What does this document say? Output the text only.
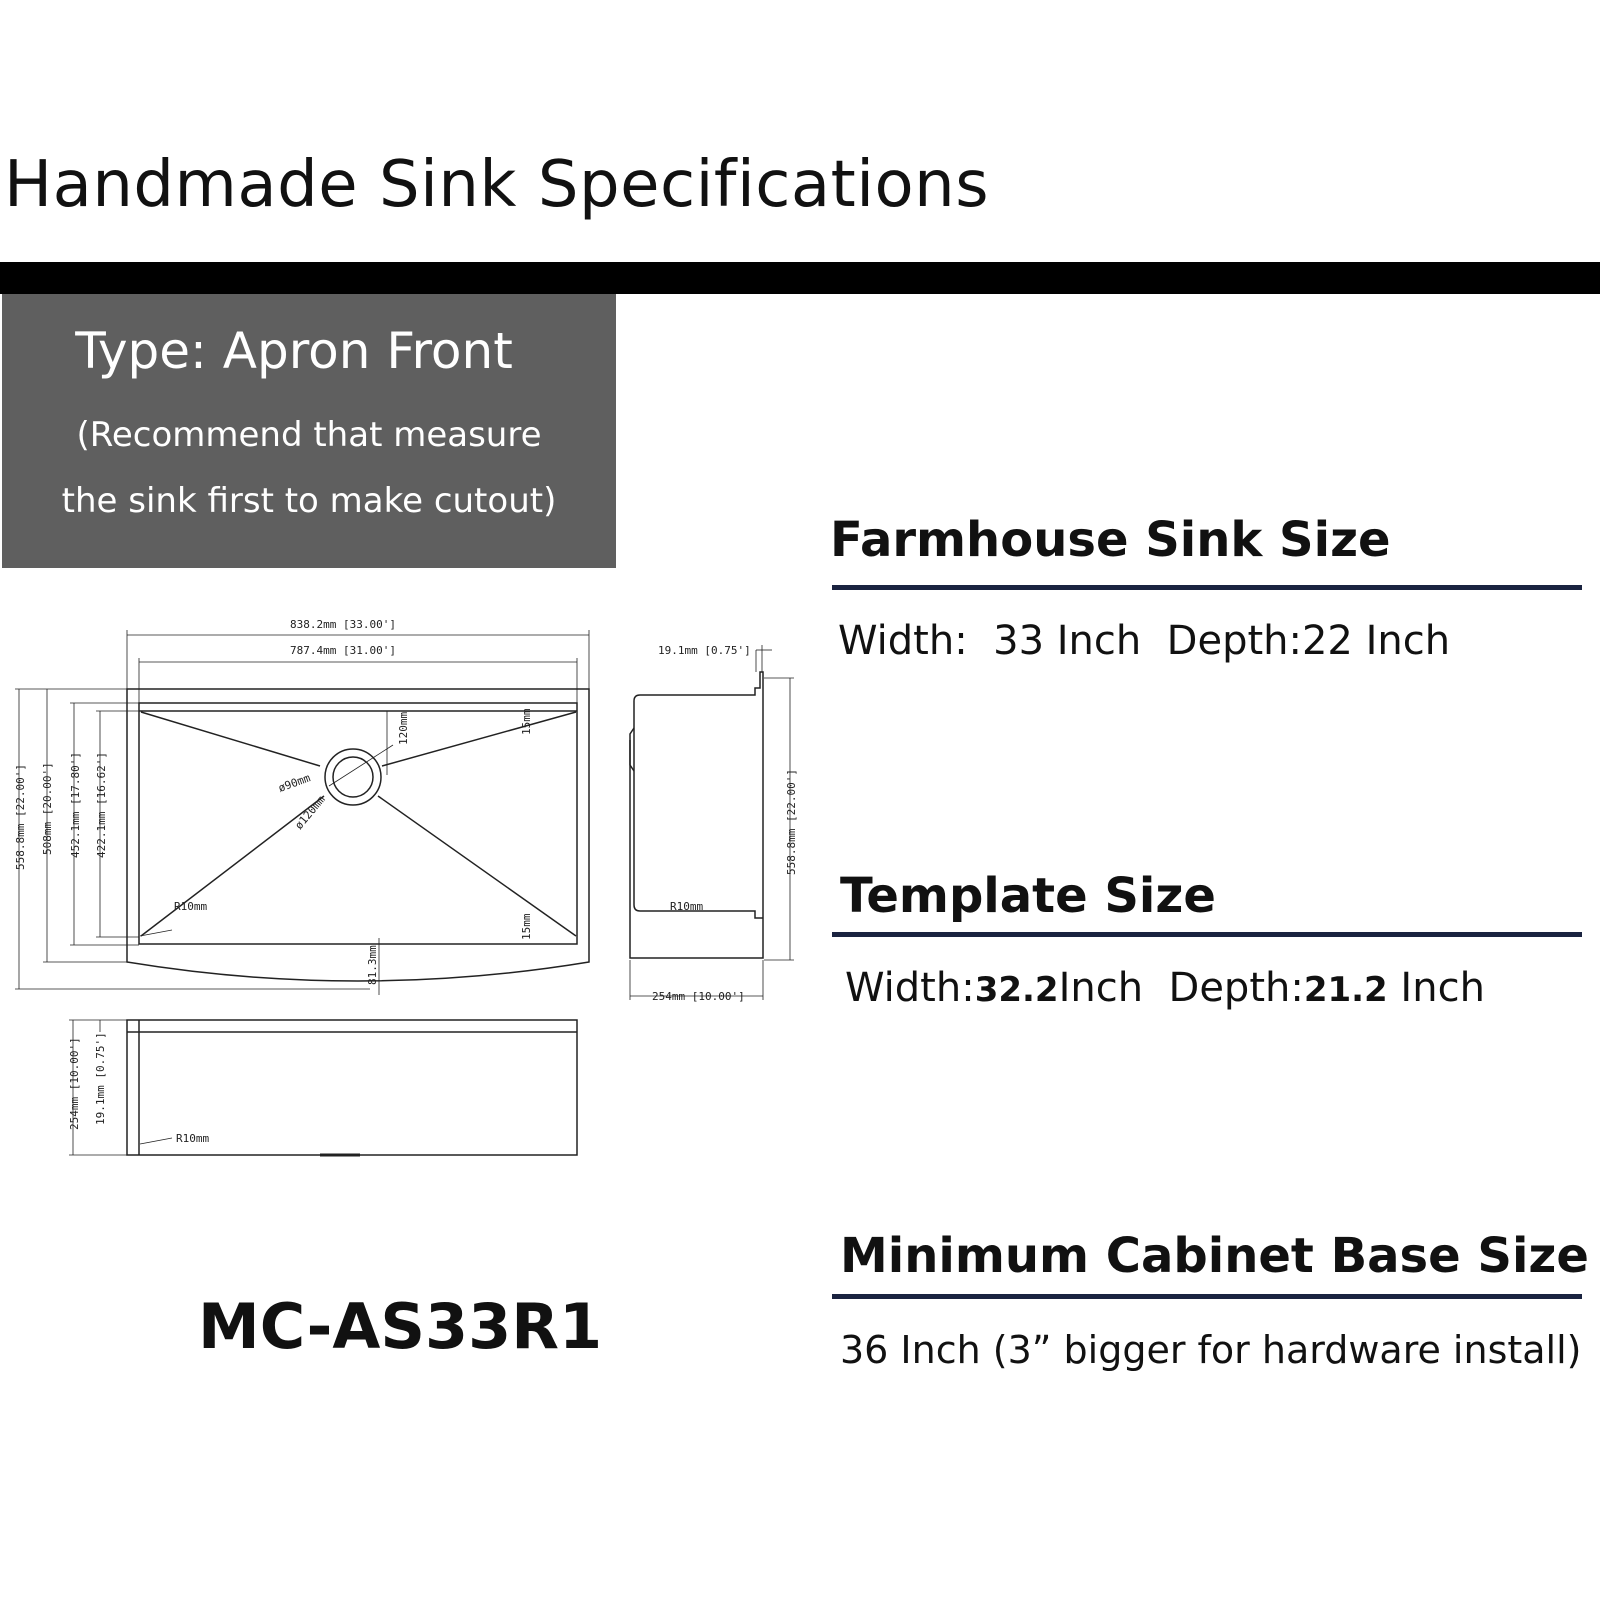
Handmade Sink Specifications
Type: Apron Front
(Recommend that measure
the sink first to make cutout)
Farmhouse Sink Size
Width:  33 Inch Depth:22 Inch
Template Size
Width:32.2Inch Depth:21.2 Inch
Minimum Cabinet Base Size
36 Inch (3” bigger for hardware install)
MC-AS33R1
838.2mm [33.00']
787.4mm [31.00']
558.8mm [22.00'] 508mm [20.00'] 452.1mm [17.80'] 422.1mm [16.62']	ø90mm
ø120mm
120mm	15mm
15mm
R10mm
81.3mm
19.1mm [0.75']
558.8mm [22.00']
R10mm
254mm [10.00']
254mm [10.00'] 19.1mm [0.75']
R10mm
